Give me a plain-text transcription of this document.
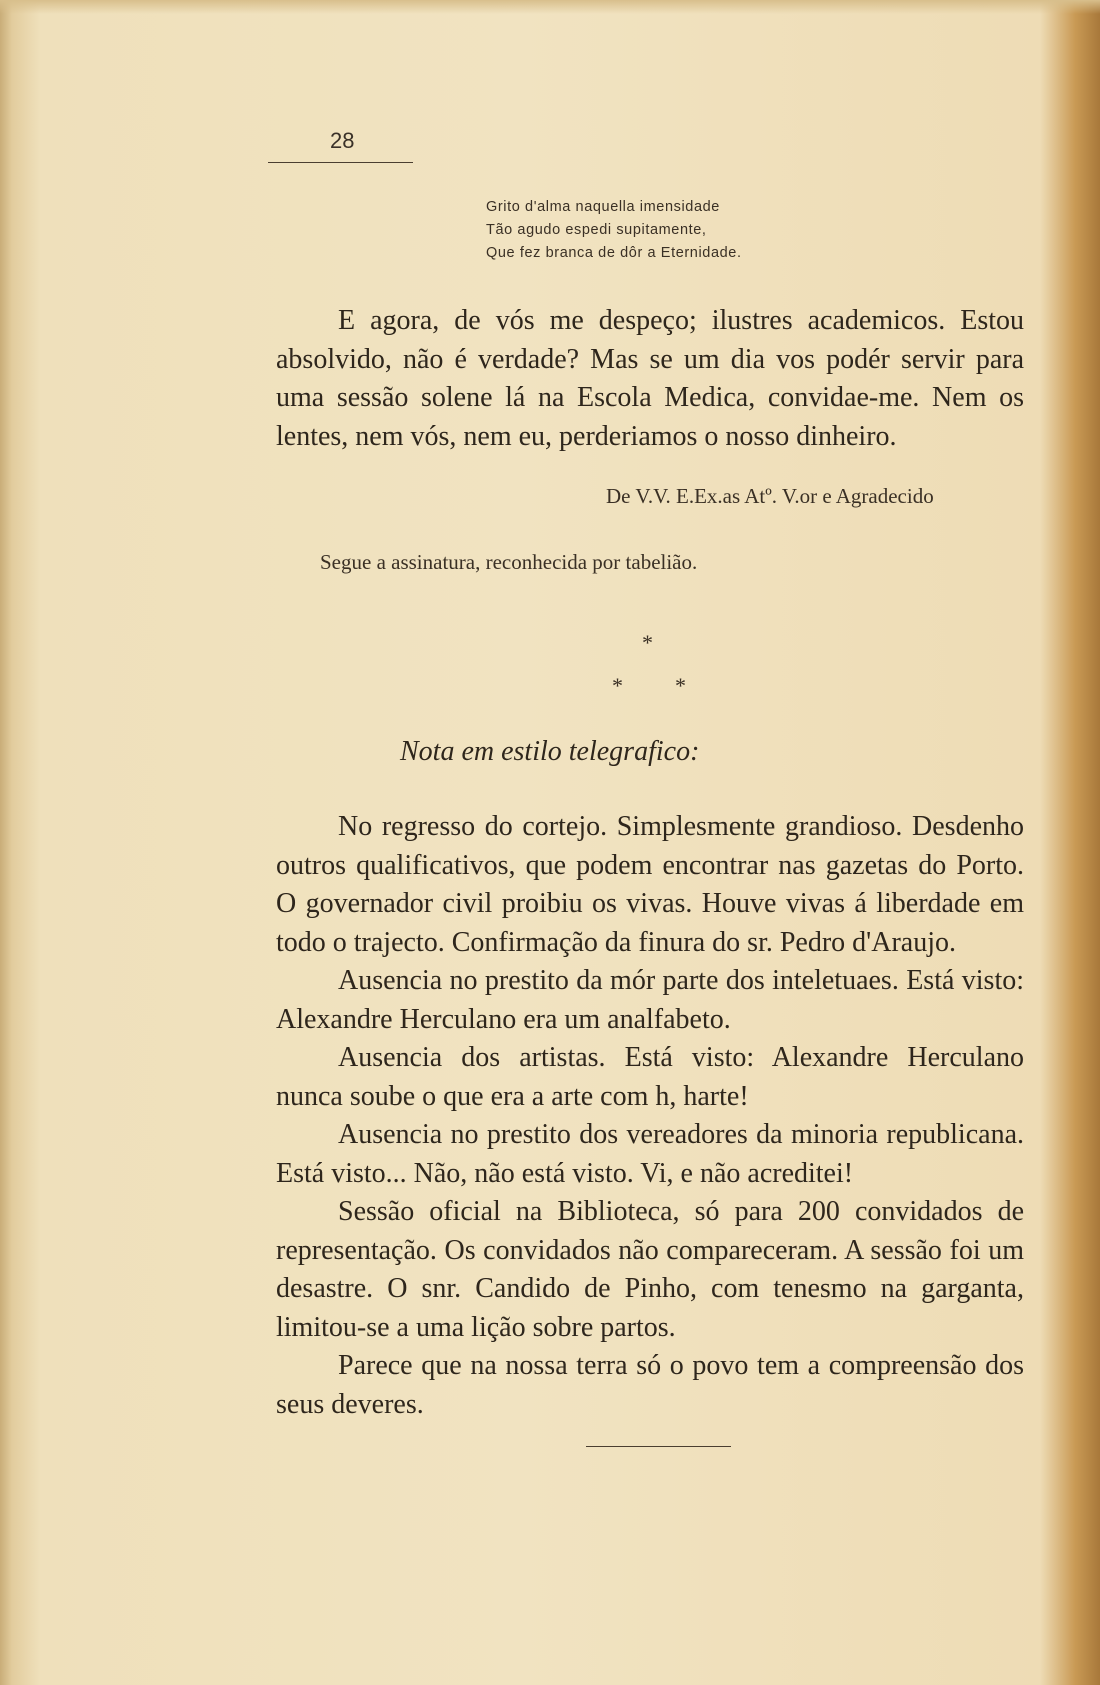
28
Grito d'alma naquella imensidade
Tão agudo espedi supitamente,
Que fez branca de dôr a Eternidade.

E agora, de vós me despeço; ilustres academicos. Estou absolvido, não é verdade? Mas se um dia vos podér servir para uma sessão solene lá na Escola Medica, convidae-me. Nem os lentes, nem vós, nem eu, perderiamos o nosso dinheiro.

De V.V. E.Ex.as Atº. V.or e Agradecido
Segue a assinatura, reconhecida por tabelião.
*
* *
Nota em estilo telegrafico:

No regresso do cortejo. Simplesmente grandioso. Desdenho outros qualificativos, que podem encontrar nas gazetas do Porto. O governador civil proibiu os vivas. Houve vivas á liberdade em todo o trajecto. Confirmação da finura do sr. Pedro d'Araujo.

Ausencia no prestito da mór parte dos inteletuaes. Está visto: Alexandre Herculano era um analfabeto.

Ausencia dos artistas. Está visto: Alexandre Herculano nunca soube o que era a arte com h, harte!

Ausencia no prestito dos vereadores da minoria republicana. Está visto... Não, não está visto. Vi, e não acreditei!

Sessão oficial na Biblioteca, só para 200 convidados de representação. Os convidados não compareceram. A sessão foi um desastre. O snr. Candido de Pinho, com tenesmo na garganta, limitou-se a uma lição sobre partos.

Parece que na nossa terra só o povo tem a compreensão dos seus deveres.
